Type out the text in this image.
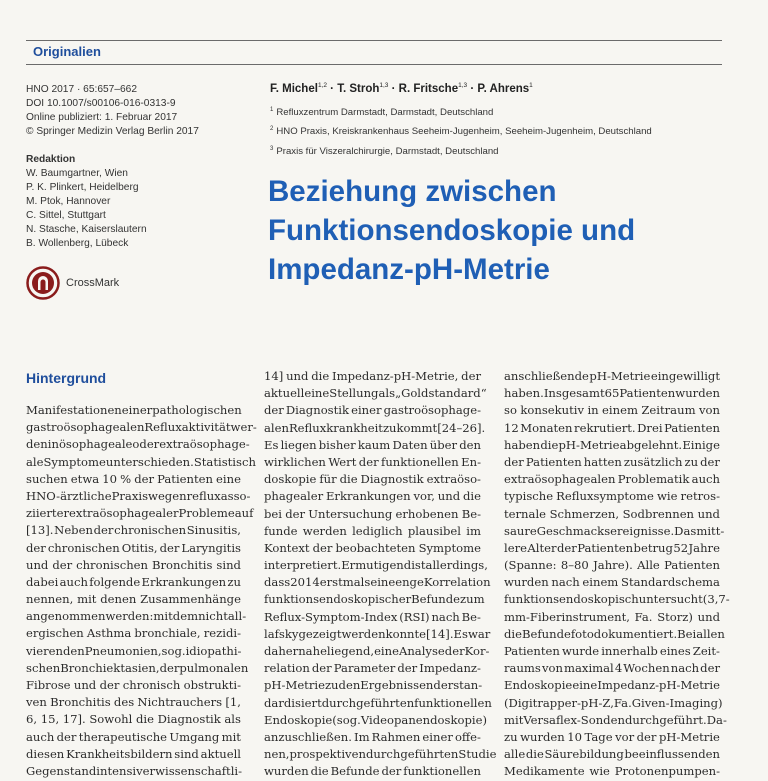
Originalien
HNO 2017 · 65:657–662
DOI 10.1007/s00106-016-0313-9
Online publiziert: 1. Februar 2017
© Springer Medizin Verlag Berlin 2017
Redaktion
W. Baumgartner, Wien
P. K. Plinkert, Heidelberg
M. Ptok, Hannover
C. Sittel, Stuttgart
N. Stasche, Kaiserslautern
B. Wollenberg, Lübeck
CrossMark
F. Michel$^{1,2}$ · T. Stroh$^{1,3}$ · R. Fritsche$^{1,3}$ · P. Ahrens$^1$
$^1$ Refluxzentrum Darmstadt, Darmstadt, Deutschland
$^2$ HNO Praxis, Kreiskrankenhaus Seeheim-Jugenheim, Seeheim-Jugenheim, Deutschland
$^3$ Praxis für Viszeralchirurgie, Darmstadt, Deutschland
Beziehung zwischen
Funktionsendoskopie und
Impedanz-pH-Metrie
Hintergrund
Manifestationen einer pathologischen
gastroösophagealen Refluxaktivität wer-
den in ösophageale oder extraösophage-
ale Symptome unterschieden. Statistisch
suchen etwa 10 % der Patienten eine
HNO-ärztliche Praxis wegen refluxasso-
ziierter extraösophagealer Probleme auf
[13]. Neben der chronischen Sinusitis,
der chronischen Otitis, der Laryngitis
und der chronischen Bronchitis sind
dabei auch folgende Erkrankungen zu
nennen, mit denen Zusammenhänge
angenommen werden: mit dem nichtall-
ergischen Asthma bronchiale, rezidi-
vierenden Pneumonien, sog. idiopathi-
schen Bronchiektasien, der pulmonalen
Fibrose und der chronisch obstrukti-
ven Bronchitis des Nichtrauchers [1,
6, 15, 17]. Sowohl die Diagnostik als
auch der therapeutische Umgang mit
diesen Krankheitsbildern sind aktuell
Gegenstand intensiver wissenschaftli-
14] und die Impedanz-pH-Metrie, der
aktuell eine Stellung als „Goldstandard“
der Diagnostik einer gastroösophage-
alen Refluxkrankheit zukommt [24–26].
Es liegen bisher kaum Daten über den
wirklichen Wert der funktionellen En-
doskopie für die Diagnostik extraöso-
phagealer Erkrankungen vor, und die
bei der Untersuchung erhobenen Be-
funde werden lediglich plausibel im
Kontext der beobachteten Symptome
interpretiert. Ermutigend ist allerdings,
dass 2014 erstmals eine enge Korrelation
funktionsendoskopischer Befunde zum
Reflux-Symptom-Index (RSI) nach Be-
lafsky gezeigt werden konnte [14]. Es war
daher naheliegend, eine Analyse der Kor-
relation der Parameter der Impedanz-
pH-Metrie zu den Ergebnissen der stan-
dardisiert durchgeführten funktionellen
Endoskopie (sog. Videopanendoskopie)
anzuschließen. Im Rahmen einer offe-
nen, prospektiven durchgeführten Studie
wurden die Befunde der funktionellen
anschließende pH-Metrie eingewilligt
haben. Insgesamt 65 Patienten wurden
so konsekutiv in einem Zeitraum von
12 Monaten rekrutiert. Drei Patienten
haben die pH-Metrie abgelehnt. Einige
der Patienten hatten zusätzlich zu der
extraösophagealen Problematik auch
typische Refluxsymptome wie retros-
ternale Schmerzen, Sodbrennen und
saure Geschmacksereignisse. Das mitt-
lere Alter der Patienten betrug 52 Jahre
(Spanne: 8–80 Jahre). Alle Patienten
wurden nach einem Standardschema
funktionsendoskopisch untersucht (3,7-
mm-Fiberinstrument, Fa. Storz) und
die Befunde fotodokumentiert. Bei allen
Patienten wurde innerhalb eines Zeit-
raums von maximal 4 Wochen nach der
Endoskopie eine Impedanz-pH-Metrie
(Digitrapper-pH-Z, Fa. Given-Imaging)
mit Versaflex-Sonden durchgeführt. Da-
zu wurden 10 Tage vor der pH-Metrie
alle die Säurebildung beeinflussenden
Medikamente wie Protonenpumpen-
